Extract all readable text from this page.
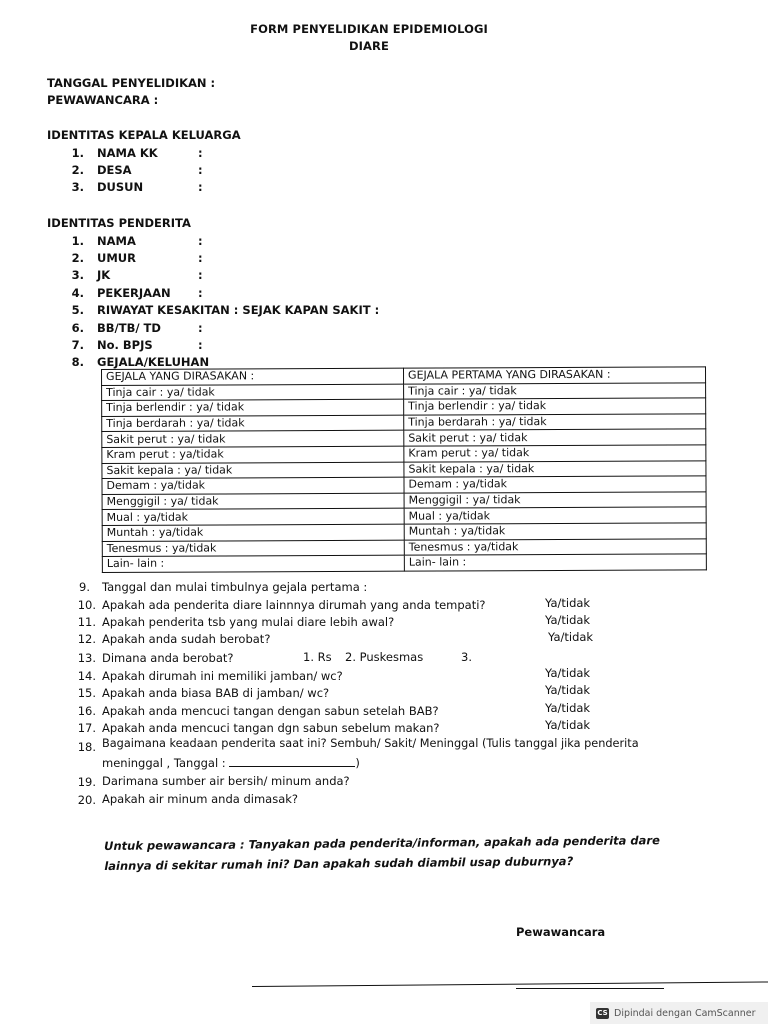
FORM PENYELIDIKAN EPIDEMIOLOGI
DIARE
TANGGAL PENYELIDIKAN :
PEWAWANCARA :
IDENTITAS KEPALA KELUARGA
1. NAMA KK	:
2. DESA	:
3. DUSUN	:
IDENTITAS PENDERITA
1. NAMA	:
2. UMUR	:
3. JK	:
4. PEKERJAAN :
5. RIWAYAT KESAKITAN : SEJAK KAPAN SAKIT :
6. BB/TB/ TD	:
7. No. BPJS	:
8. GEJALA/KELUHAN
GEJALA YANG DIRASAKAN :	GEJALA PERTAMA YANG DIRASAKAN :
Tinja cair : ya/ tidak	Tinja cair : ya/ tidak
Tinja berlendir : ya/ tidak	Tinja berlendir : ya/ tidak
Tinja berdarah : ya/ tidak	Tinja berdarah : ya/ tidak
Sakit perut : ya/ tidak	Sakit perut : ya/ tidak
Kram perut : ya/tidak	Kram perut : ya/ tidak
Sakit kepala : ya/ tidak	Sakit kepala : ya/ tidak
Demam : ya/tidak	Demam : ya/tidak
Menggigil : ya/ tidak	Menggigil : ya/ tidak
Mual : ya/tidak	Mual : ya/tidak
Muntah : ya/tidak	Muntah : ya/tidak
Tenesmus : ya/tidak	Tenesmus : ya/tidak
Lain- lain :	Lain- lain :
9. Tanggal dan mulai timbulnya gejala pertama :
10. Apakah ada penderita diare lainnnya dirumah yang anda tempati?	Ya/tidak
11. Apakah penderita tsb yang mulai diare lebih awal?	Ya/tidak
12. Apakah anda sudah berobat?	Ya/tidak
13. Dimana anda berobat?	1. Rs 2. Puskesmas	3.
14. Apakah dirumah ini memiliki jamban/ wc?	Ya/tidak
15. Apakah anda biasa BAB di jamban/ wc?	Ya/tidak
16. Apakah anda mencuci tangan dengan sabun setelah BAB?	Ya/tidak
17. Apakah anda mencuci tangan dgn sabun sebelum makan?	Ya/tidak
18. Bagaimana keadaan penderita saat ini? Sembuh/ Sakit/ Meninggal (Tulis tanggal jika penderita
meninggal , Tanggal :	)
19. Darimana sumber air bersih/ minum anda?
20. Apakah air minum anda dimasak?
Untuk pewawancara : Tanyakan pada penderita/informan, apakah ada penderita dare
lainnya di sekitar rumah ini? Dan apakah sudah diambil usap duburnya?
Pewawancara
CS Dipindai dengan CamScanner
